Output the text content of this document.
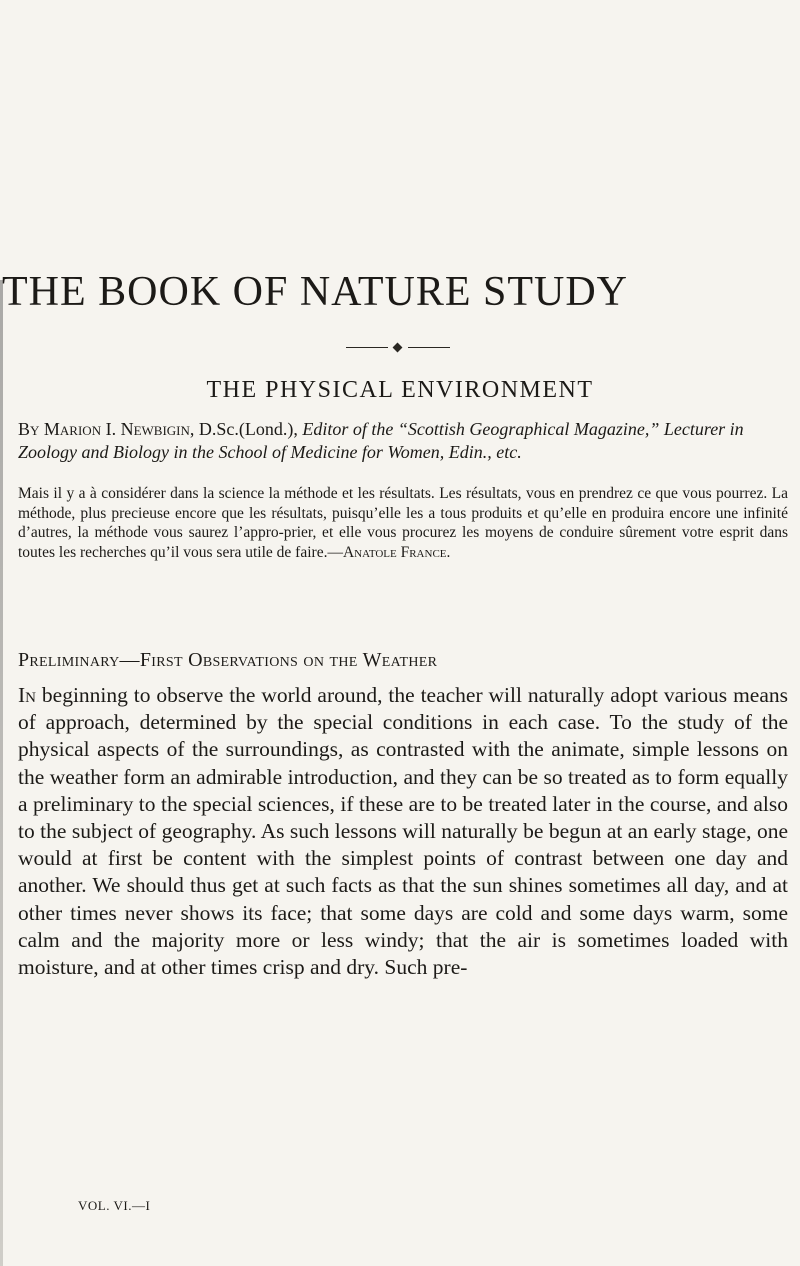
THE BOOK OF NATURE STUDY
THE PHYSICAL ENVIRONMENT

By Marion I. Newbigin, D.Sc.(Lond.), Editor of the “Scottish Geographical Magazine,” Lecturer in Zoology and Biology in the School of Medicine for Women, Edin., etc.

Mais il y a à considérer dans la science la méthode et les résultats. Les résultats, vous en prendrez ce que vous pourrez. La méthode, plus precieuse encore que les résultats, puisqu’elle les a tous produits et qu’elle en produira encore une infinité d’autres, la méthode vous saurez l’appro-prier, et elle vous procurez les moyens de conduire sûrement votre esprit dans toutes les recherches qu’il vous sera utile de faire.—Anatole France.

Preliminary—First Observations on the Weather

In beginning to observe the world around, the teacher will naturally adopt various means of approach, determined by the special conditions in each case. To the study of the physical aspects of the surroundings, as contrasted with the animate, simple lessons on the weather form an admirable introduction, and they can be so treated as to form equally a preliminary to the special sciences, if these are to be treated later in the course, and also to the subject of geography. As such lessons will naturally be begun at an early stage, one would at first be content with the simplest points of contrast between one day and another. We should thus get at such facts as that the sun shines sometimes all day, and at other times never shows its face; that some days are cold and some days warm, some calm and the majority more or less windy; that the air is sometimes loaded with moisture, and at other times crisp and dry. Such pre-

VOL. VI.—I
